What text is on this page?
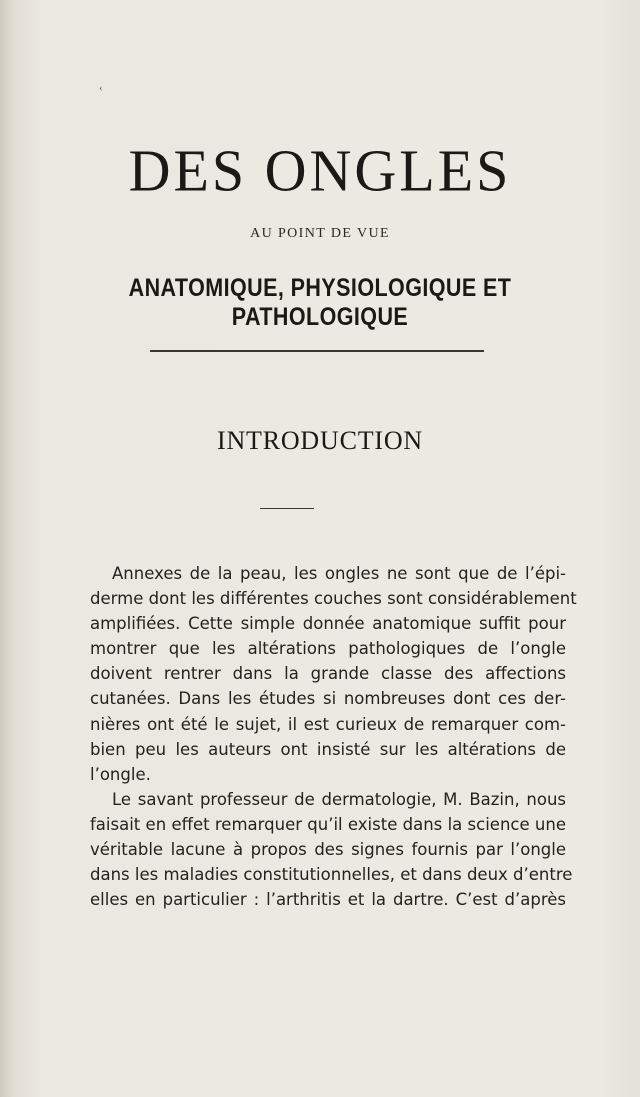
‹
DES ONGLES
AU POINT DE VUE
ANATOMIQUE, PHYSIOLOGIQUE ET PATHOLOGIQUE
INTRODUCTION
Annexes de la peau, les ongles ne sont que de l’épi-
derme dont les différentes couches sont considérablement
amplifiées. Cette simple donnée anatomique suffit pour
montrer que les altérations pathologiques de l’ongle
doivent rentrer dans la grande classe des affections
cutanées. Dans les études si nombreuses dont ces der-
nières ont été le sujet, il est curieux de remarquer com-
bien peu les auteurs ont insisté sur les altérations de
l’ongle.
Le savant professeur de dermatologie, M. Bazin, nous
faisait en effet remarquer qu’il existe dans la science une
véritable lacune à propos des signes fournis par l’ongle
dans les maladies constitutionnelles, et dans deux d’entre
elles en particulier : l’arthritis et la dartre. C’est d’après
